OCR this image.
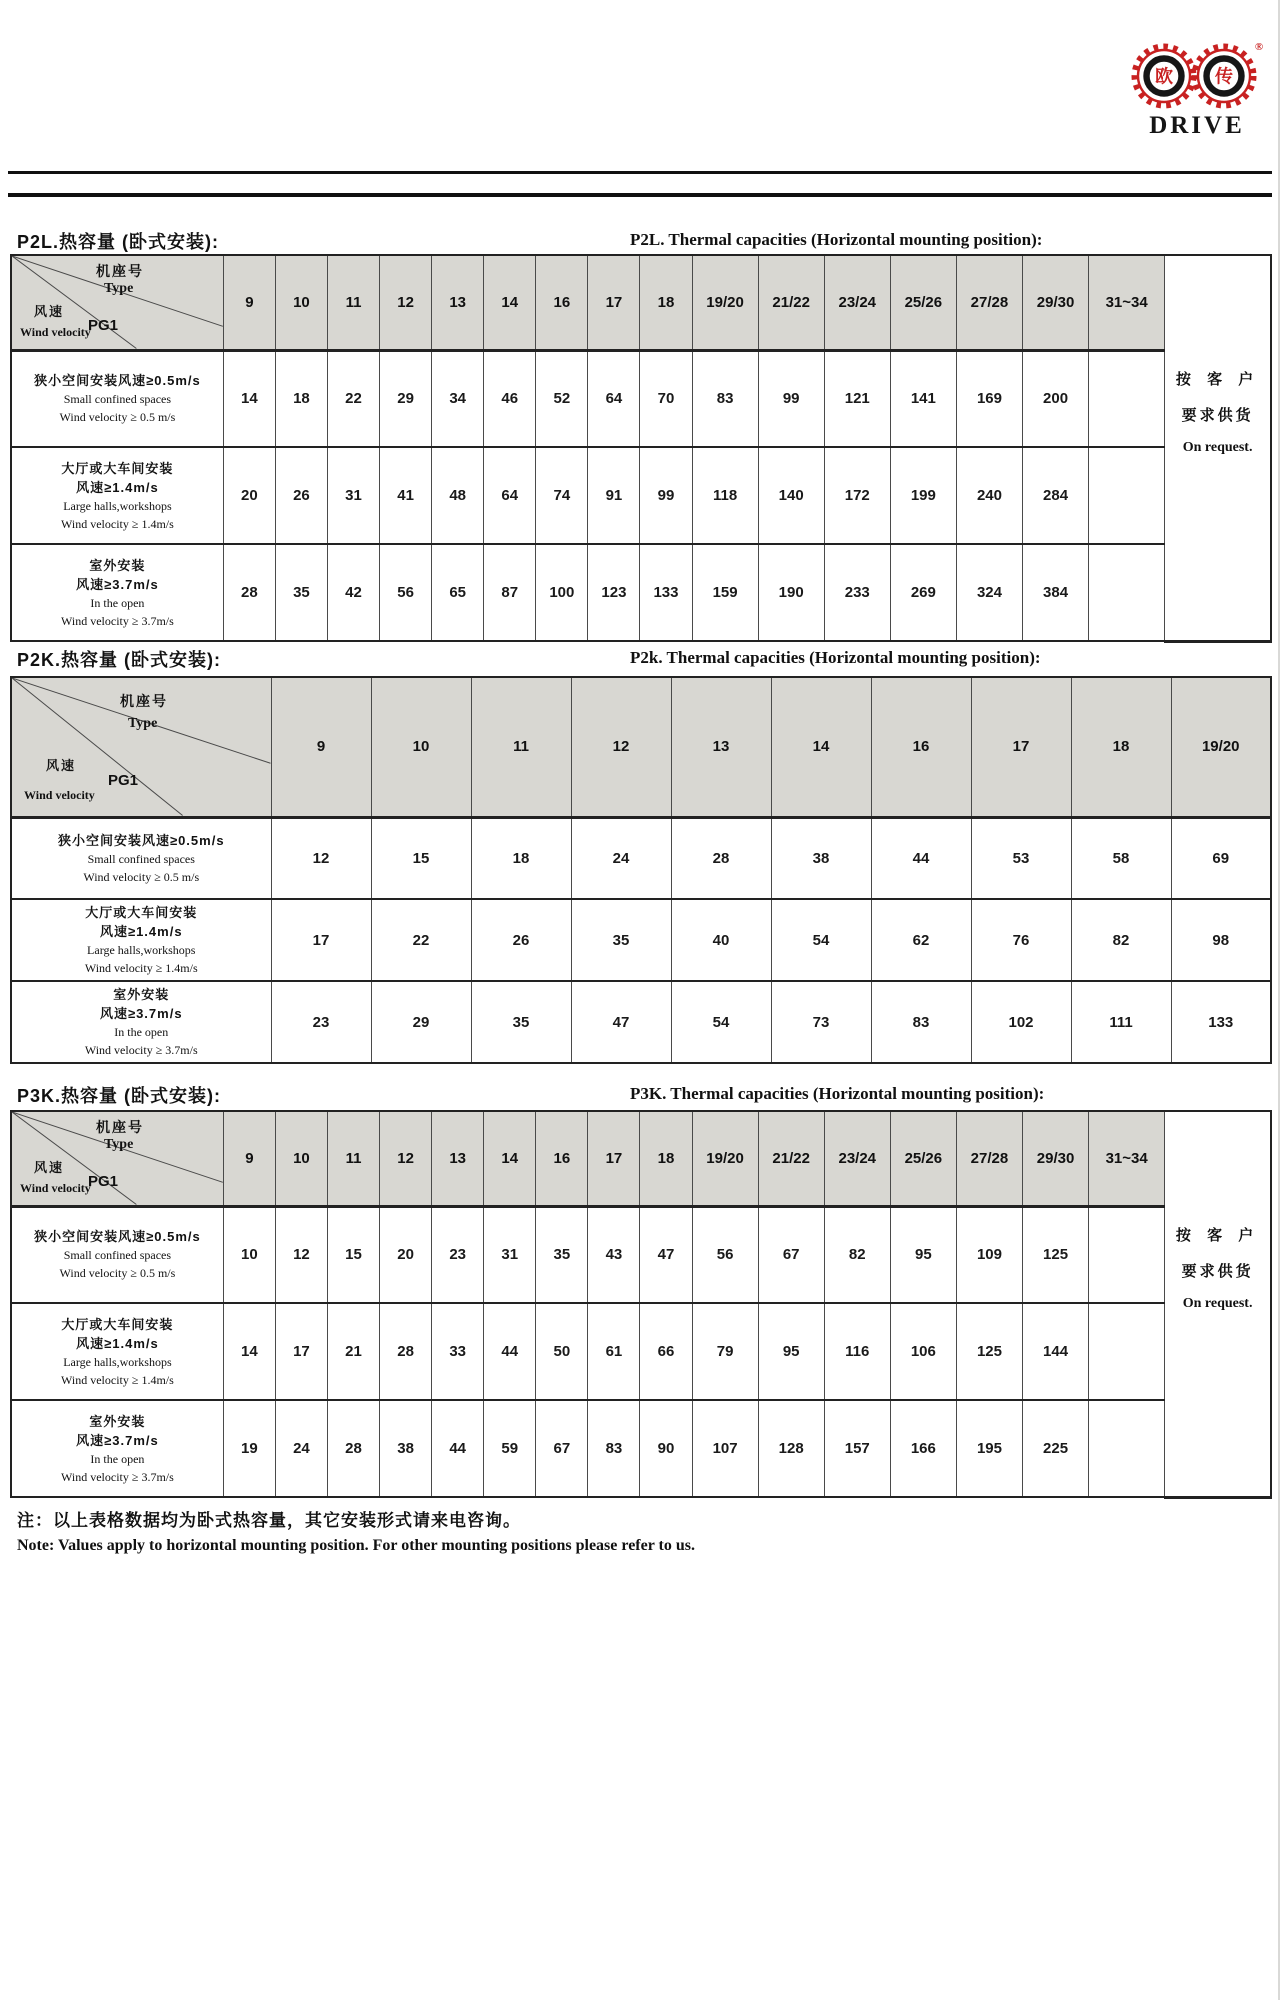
欧 传
®
DRIVE
P2L.热容量 (卧式安装):	P2L. Thermal capacities (Horizontal mounting position):
机座号
Type
PG1
风速
Wind velocity	9	10	11	12	13	14	16	17	18	19/20	21/22	23/24	25/26	27/28	29/30	31~34	按 客 户
要求供货
On request.

狭小空间安装风速≥0.5m/s
Small confined spaces
Wind velocity ≥ 0.5 m/s	14	18	22	29	34	46	52	64	70	83	99	121	141	169	200		

大厅或大车间安装
风速≥1.4m/s
Large halls,workshops
Wind velocity ≥ 1.4m/s	20	26	31	41	48	64	74	91	99	118	140	172	199	240	284		

室外安装
风速≥3.7m/s
In the open
Wind velocity ≥ 3.7m/s	28	35	42	56	65	87	100	123	133	159	190	233	269	324	384		
P2K.热容量 (卧式安装):	P2k. Thermal capacities (Horizontal mounting position):
机座号
Type
PG1
风速
Wind velocity	9	10	11	12	13	14	16	17	18	19/20

狭小空间安装风速≥0.5m/s
Small confined spaces
Wind velocity ≥ 0.5 m/s	12	15	18	24	28	38	44	53	58	69

大厅或大车间安装
风速≥1.4m/s
Large halls,workshops
Wind velocity ≥ 1.4m/s	17	22	26	35	40	54	62	76	82	98

室外安装
风速≥3.7m/s
In the open
Wind velocity ≥ 3.7m/s	23	29	35	47	54	73	83	102	111	133
P3K.热容量 (卧式安装):	P3K. Thermal capacities (Horizontal mounting position):
机座号
Type
PG1
风速
Wind velocity	9	10	11	12	13	14	16	17	18	19/20	21/22	23/24	25/26	27/28	29/30	31~34	按 客 户
要求供货
On request.

狭小空间安装风速≥0.5m/s
Small confined spaces
Wind velocity ≥ 0.5 m/s	10	12	15	20	23	31	35	43	47	56	67	82	95	109	125		

大厅或大车间安装
风速≥1.4m/s
Large halls,workshops
Wind velocity ≥ 1.4m/s	14	17	21	28	33	44	50	61	66	79	95	116	106	125	144		

室外安装
风速≥3.7m/s
In the open
Wind velocity ≥ 3.7m/s	19	24	28	38	44	59	67	83	90	107	128	157	166	195	225		
注：以上表格数据均为卧式热容量，其它安装形式请来电咨询。
Note: Values apply to horizontal mounting position. For other mounting positions please refer to us.
